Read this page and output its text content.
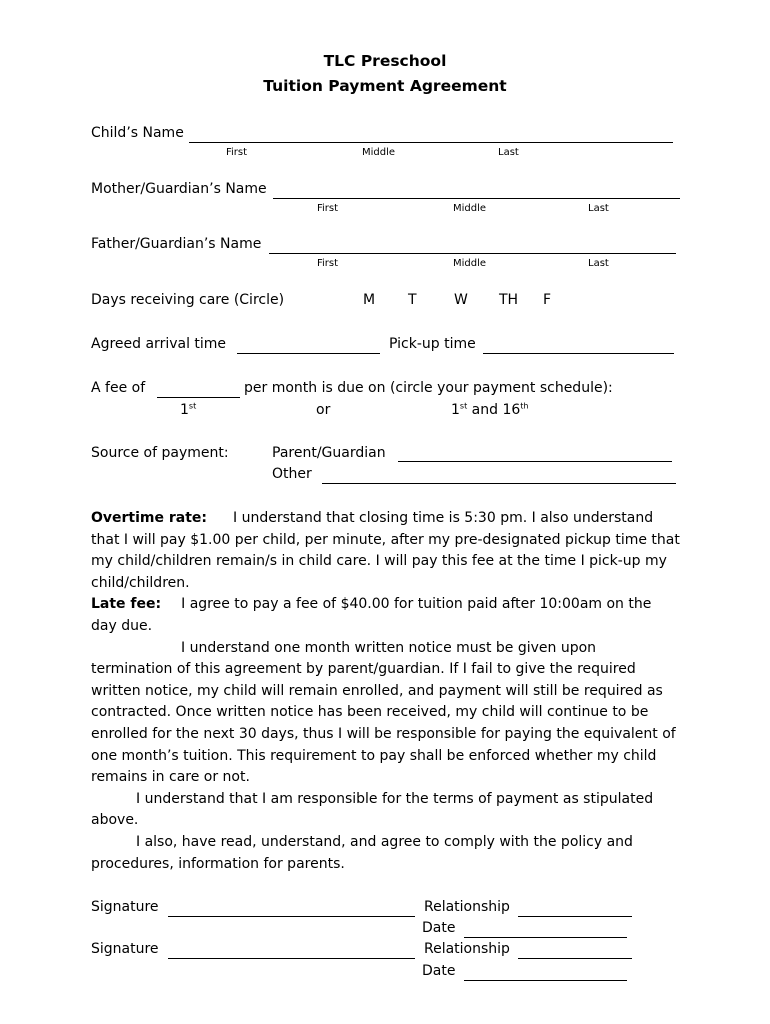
TLC Preschool
Tuition Payment Agreement
Child’s Name
First	Middle	Last
Mother/Guardian’s Name
First	Middle	Last
Father/Guardian’s Name
First	Middle	Last
Days receiving care (Circle)	M T	W TH F
Agreed arrival time	Pick-up time
A fee of	per month is due on (circle your payment schedule):
1st	or	1st and 16th
Source of payment:	Parent/Guardian
Other

Overtime rate: I understand that closing time is 5:30 pm. I also understand that I will pay $1.00 per child, per minute, after my pre-designated pickup time that my child/children remain/s in child care. I will pay this fee at the time I pick-up my child/children.

Late fee: I agree to pay a fee of $40.00 for tuition paid after 10:00am on the day due.

I understand one month written notice must be given upon termination of this agreement by parent/guardian. If I fail to give the required written notice, my child will remain enrolled, and payment will still be required as contracted. Once written notice has been received, my child will continue to be enrolled for the next 30 days, thus I will be responsible for paying the equivalent of one month’s tuition. This requirement to pay shall be enforced whether my child remains in care or not.

I understand that I am responsible for the terms of payment as stipulated above.

I also, have read, understand, and agree to comply with the policy and procedures, information for parents.

Signature	Relationship
Date
Signature	Relationship
Date
